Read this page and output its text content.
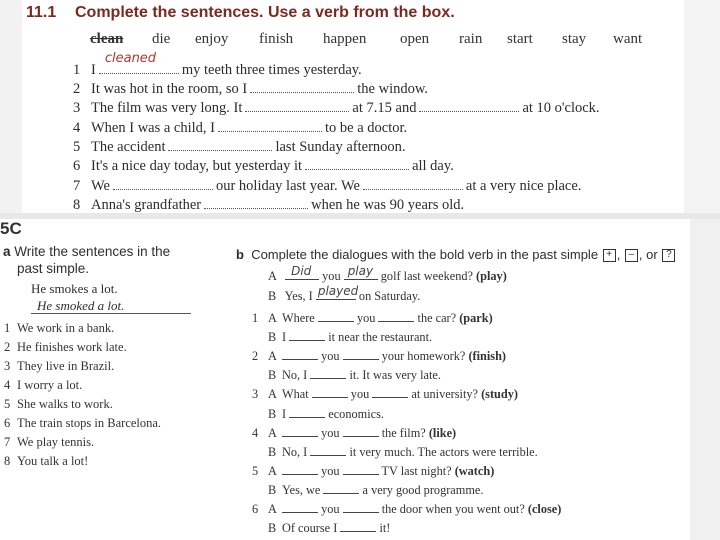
11.1 Complete the sentences. Use a verb from the box.
clean die enjoy finish happen open rain start stay want
1 I
cleaned
my teeth three times yesterday.
2 It was hot in the room, so I	the window.
3 The film was very long. It	at 7.15 and	at 10 o'clock.
4 When I was a child, I	to be a doctor.
5 The accident	last Sunday afternoon.
6 It's a nice day today, but yesterday it	all day.
7 We	our holiday last year. We	at a very nice place.
8 Anna's grandfather	when he was 90 years old.
5C
a Write the sentences in the
past simple.
He smokes a lot.
He smoked a lot.
1 We work in a bank.
2 He finishes work late.
3 They live in Brazil.
4 I worry a lot.
5 She walks to work.
6 The train stops in Barcelona.
7 We play tennis.
8 You talk a lot!
b Complete the dialogues with the bold verb in the past simple + , – , or ?
A Did you play golf last weekend? (play)
B Yes, I played on Saturday.
1 A Where	you	the car? (park)
B I	it near the restaurant.
2 A	you	your homework? (finish)
B No, I	it. It was very late.
3 A What	you	at university? (study)
B I	economics.
4 A	you	the film? (like)
B No, I	it very much. The actors were terrible.
5 A	you	TV last night? (watch)
B Yes, we	a very good programme.
6 A	you	the door when you went out? (close)
B Of course I	it!
